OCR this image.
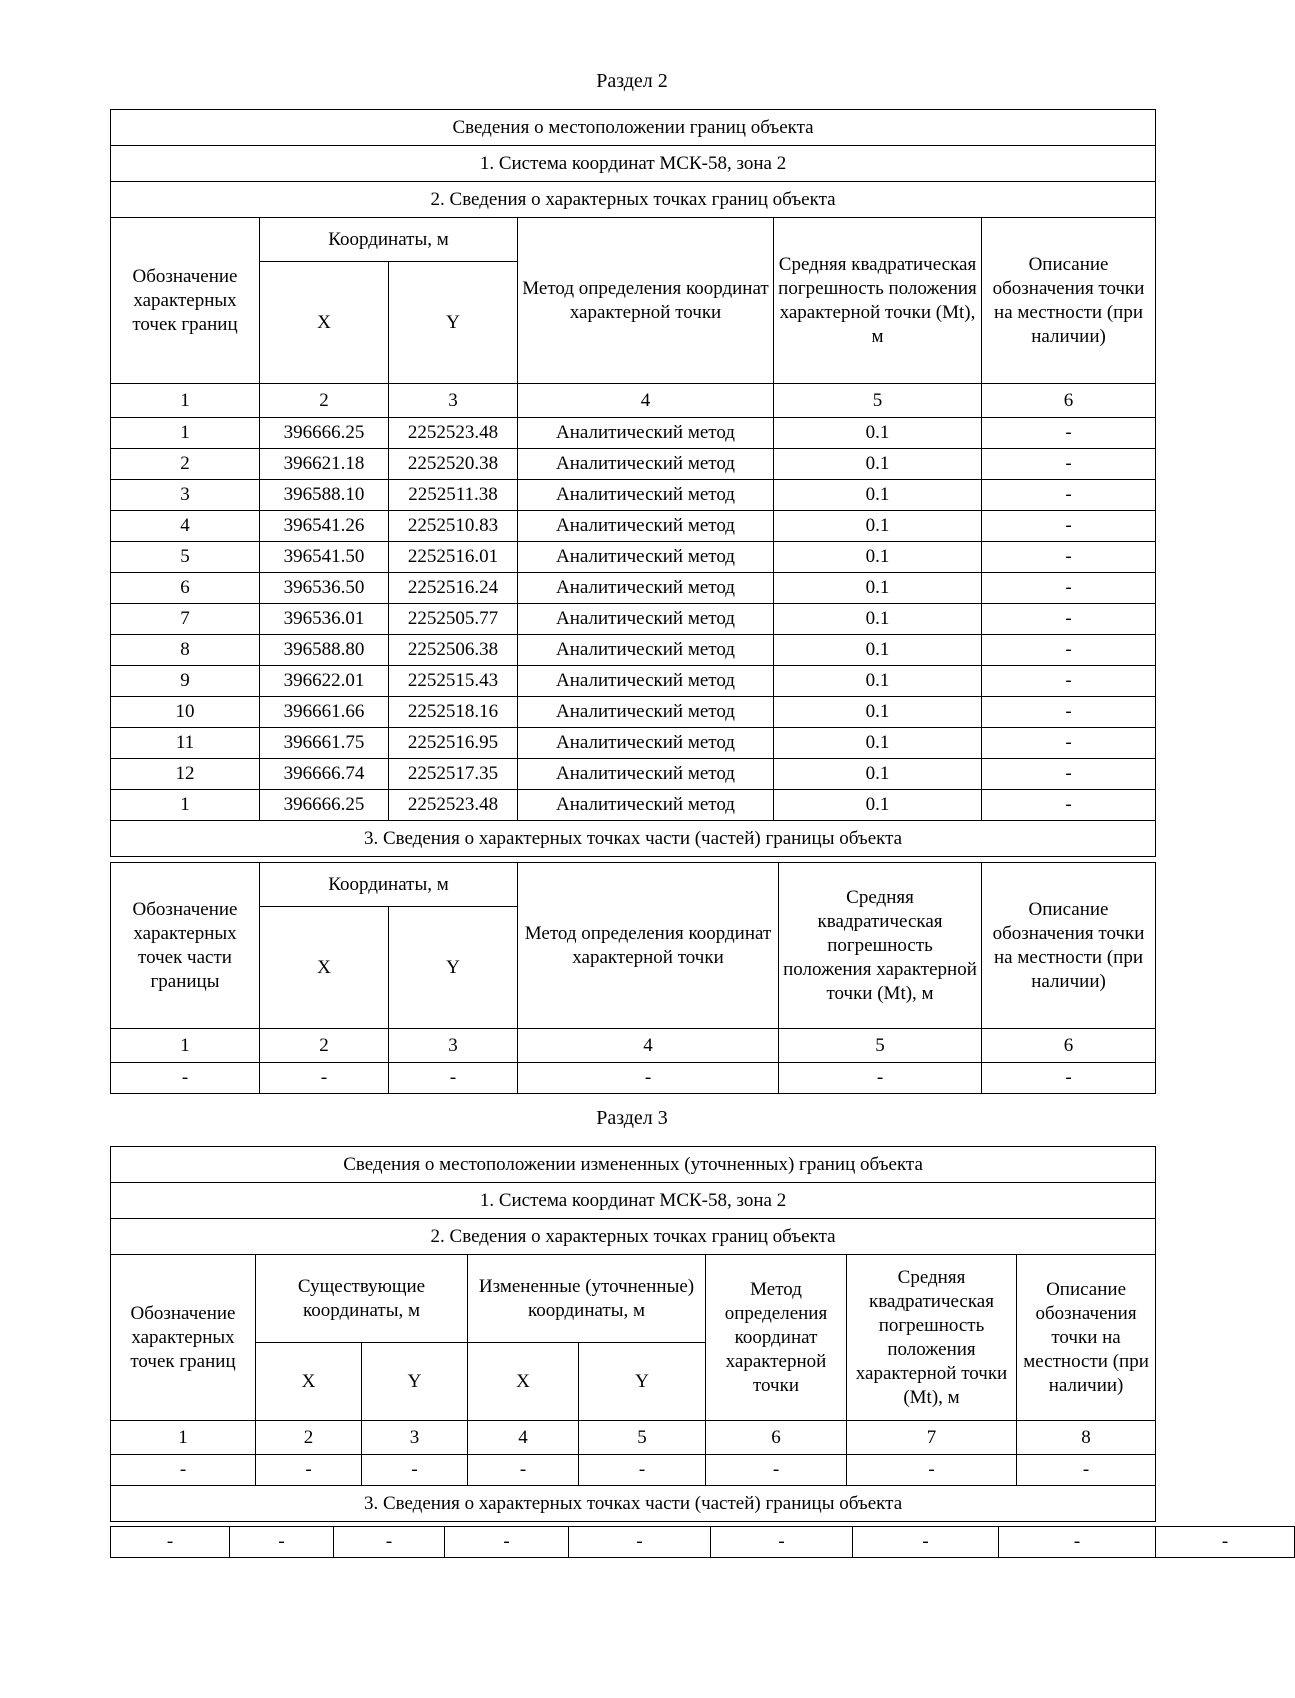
Раздел 2
Сведения о местоположении границ объекта					
1. Система координат МСК-58, зона 2					
2. Сведения о характерных точках границ объекта					
Обозначение характерных точек границ	Координаты, м		Метод определения координат характерной точки	Средняя квадратическая погрешность положения характерной точки (Mt), м	Описание обозначения точки на местности (при наличии)
	X	Y			
1	2	3	4	5	6
1	396666.25	2252523.48	Аналитический метод	0.1	-
2	396621.18	2252520.38	Аналитический метод	0.1	-
3	396588.10	2252511.38	Аналитический метод	0.1	-
4	396541.26	2252510.83	Аналитический метод	0.1	-
5	396541.50	2252516.01	Аналитический метод	0.1	-
6	396536.50	2252516.24	Аналитический метод	0.1	-
7	396536.01	2252505.77	Аналитический метод	0.1	-
8	396588.80	2252506.38	Аналитический метод	0.1	-
9	396622.01	2252515.43	Аналитический метод	0.1	-
10	396661.66	2252518.16	Аналитический метод	0.1	-
11	396661.75	2252516.95	Аналитический метод	0.1	-
12	396666.74	2252517.35	Аналитический метод	0.1	-
1	396666.25	2252523.48	Аналитический метод	0.1	-
3. Сведения о характерных точках части (частей) границы объекта					
Обозначение характерных точек части границы	Координаты, м		Метод определения координат характерной точки	Средняя квадратическая погрешность положения характерной точки (Mt), м	Описание обозначения точки на местности (при наличии)
	X	Y			
1	2	3	4	5	6
-	-	-	-	-	-
Раздел 3
Сведения о местоположении измененных (уточненных) границ объекта							
1. Система координат МСК-58, зона 2							
2. Сведения о характерных точках границ объекта							
Обозначение характерных точек границ	Существующие координаты, м		Измененные (уточненные) координаты, м		Метод определения координат характерной точки	Средняя квадратическая погрешность положения характерной точки (Mt), м	Описание обозначения точки на местности (при наличии)
	X	Y	X	Y			
1	2	3	4	5	6	7	8
-	-	-	-	-	-	-	-
3. Сведения о характерных точках части (частей) границы объекта							
-	-	-	-	-	-	-	-	-
